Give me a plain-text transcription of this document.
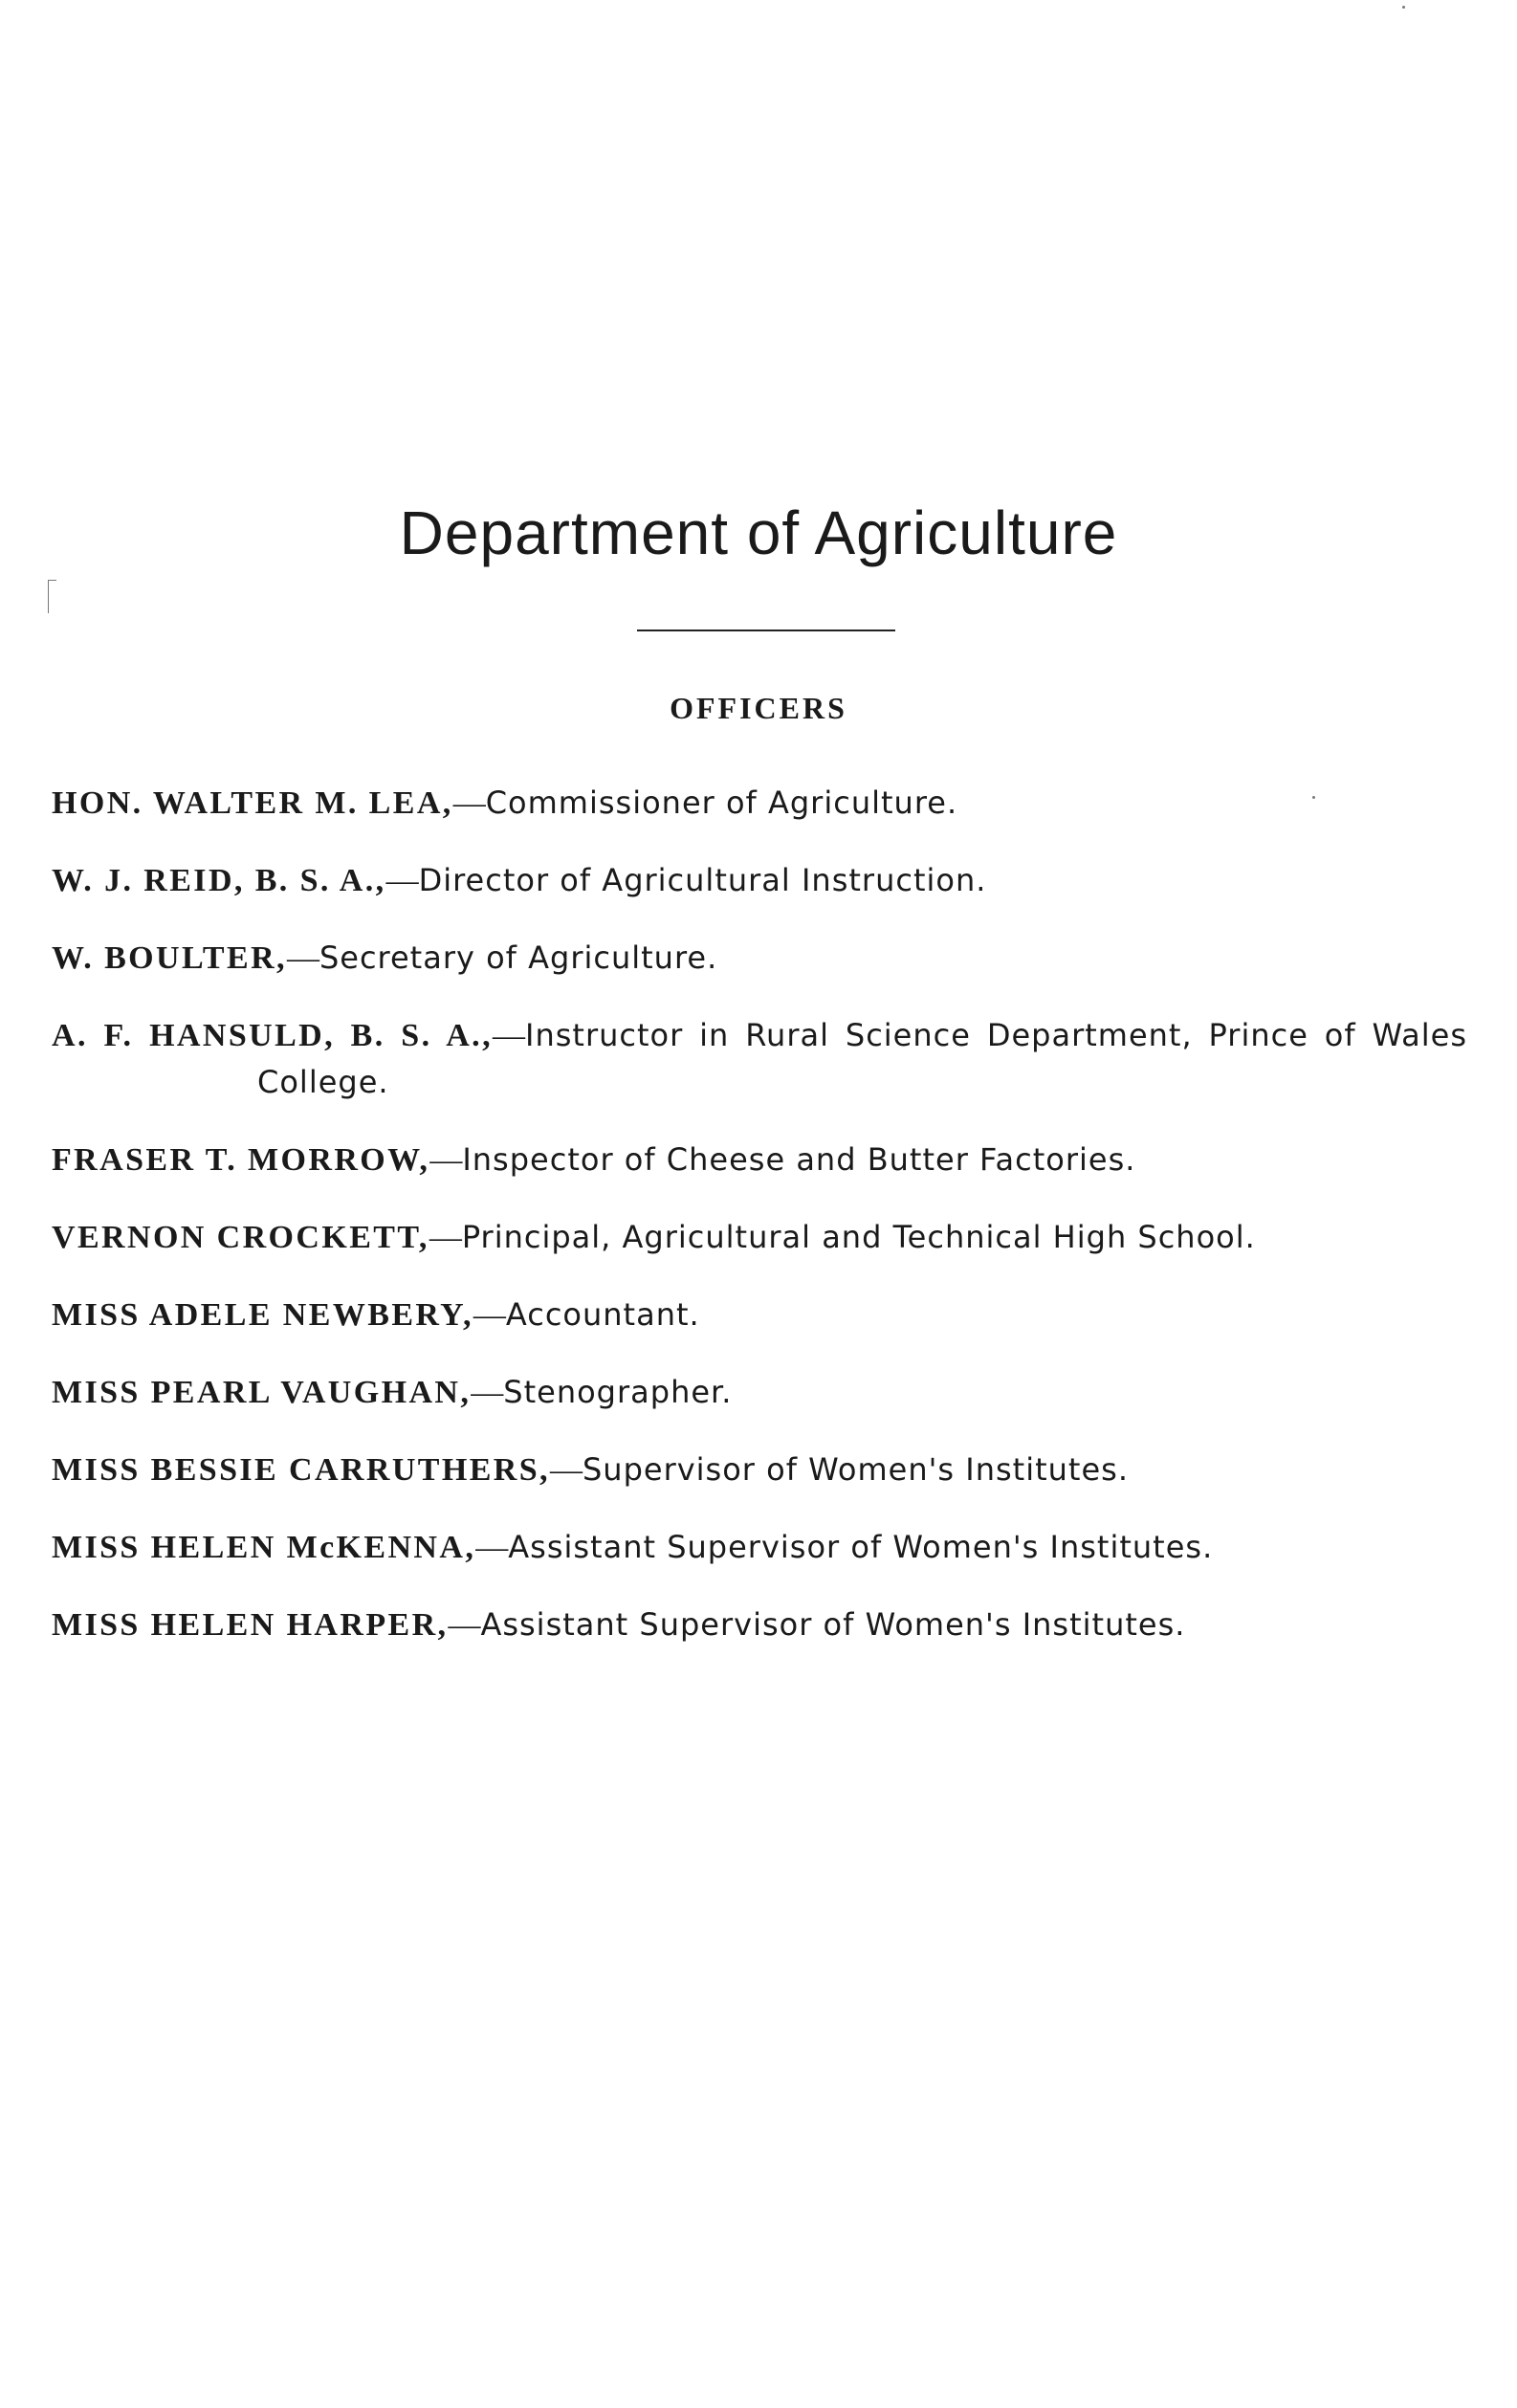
Department of Agriculture
OFFICERS
HON. WALTER M. LEA,—Commissioner of Agriculture.
W. J. REID, B. S. A.,—Director of Agricultural Instruction.
W. BOULTER,—Secretary of Agriculture.
A. F. HANSULD, B. S. A.,—Instructor in Rural Science Department, Prince of Wales College.
FRASER T. MORROW,—Inspector of Cheese and Butter Factories.
VERNON CROCKETT,—Principal, Agricultural and Technical High School.
MISS ADELE NEWBERY,—Accountant.
MISS PEARL VAUGHAN,—Stenographer.
MISS BESSIE CARRUTHERS,—Supervisor of Women's Institutes.
MISS HELEN McKENNA,—Assistant Supervisor of Women's Institutes.
MISS HELEN HARPER,—Assistant Supervisor of Women's Institutes.
